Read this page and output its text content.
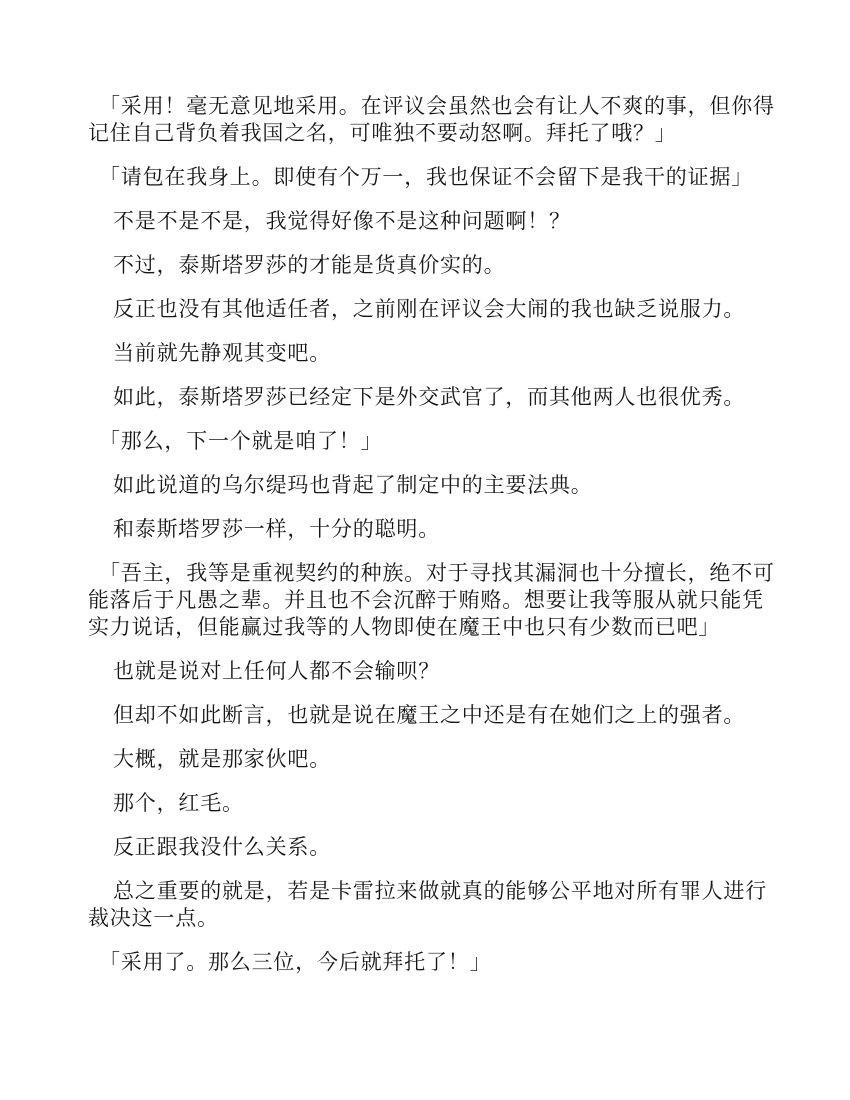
「采用！毫无意见地采用。在评议会虽然也会有让人不爽的事，但你得
记住自己背负着我国之名，可唯独不要动怒啊。拜托了哦？」

「请包在我身上。即使有个万一，我也保证不会留下是我干的证据」

不是不是不是，我觉得好像不是这种问题啊！？

不过，泰斯塔罗莎的才能是货真价实的。

反正也没有其他适任者，之前刚在评议会大闹的我也缺乏说服力。

当前就先静观其变吧。

如此，泰斯塔罗莎已经定下是外交武官了，而其他两人也很优秀。

「那么，下一个就是咱了！」

如此说道的乌尔缇玛也背起了制定中的主要法典。

和泰斯塔罗莎一样，十分的聪明。

「吾主，我等是重视契约的种族。对于寻找其漏洞也十分擅长，绝不可
能落后于凡愚之辈。并且也不会沉醉于贿赂。想要让我等服从就只能凭
实力说话，但能赢过我等的人物即使在魔王中也只有少数而已吧」

也就是说对上任何人都不会输呗？

但却不如此断言，也就是说在魔王之中还是有在她们之上的强者。

大概，就是那家伙吧。

那个，红毛。

反正跟我没什么关系。

总之重要的就是，若是卡雷拉来做就真的能够公平地对所有罪人进行
裁决这一点。

「采用了。那么三位，今后就拜托了！」
